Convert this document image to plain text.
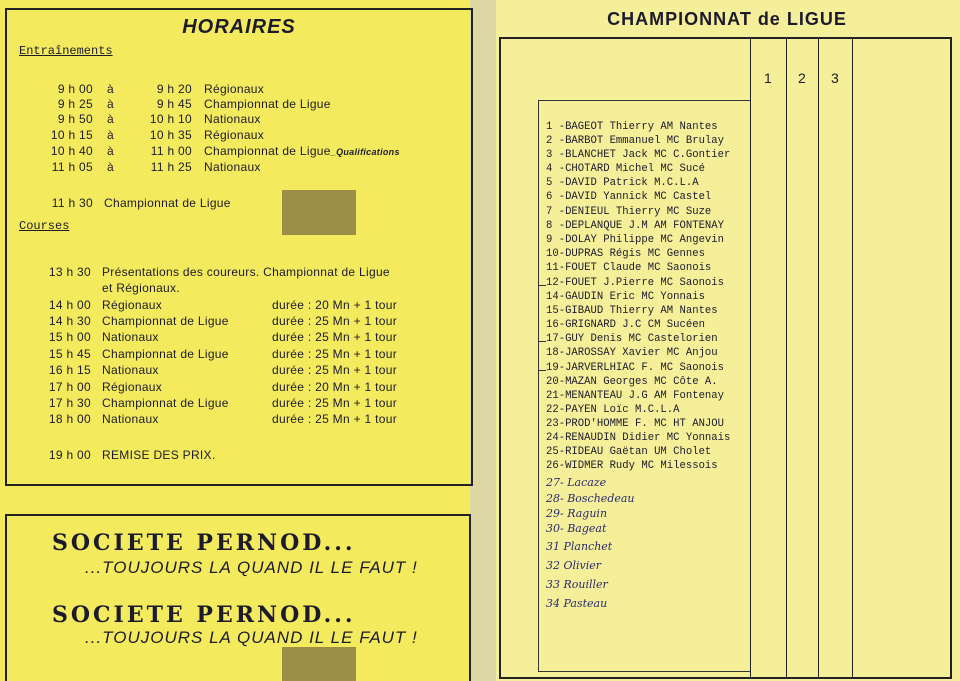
HORAIRES
Entraînements
9 h 00 à	9 h 20 Régionaux
9 h 25 à	9 h 45 Championnat de Ligue
9 h 50 à	10 h 10 Nationaux
10 h 15 à	10 h 35 Régionaux
10 h 40 à	11 h 00 Championnat de Ligue_Qualifications
11 h 05 à	11 h 25 Nationaux
11 h 30 Championnat de Ligue
Courses
13 h 30 Présentations des coureurs. Championnat de Ligue
et Régionaux.
14 h 00 Régionaux	durée : 20 Mn + 1 tour
14 h 30 Championnat de Ligue	durée : 25 Mn + 1 tour
15 h 00 Nationaux	durée : 25 Mn + 1 tour
15 h 45 Championnat de Ligue	durée : 25 Mn + 1 tour
16 h 15 Nationaux	durée : 25 Mn + 1 tour
17 h 00 Régionaux	durée : 20 Mn + 1 tour
17 h 30 Championnat de Ligue	durée : 25 Mn + 1 tour
18 h 00 Nationaux	durée : 25 Mn + 1 tour
19 h 00 REMISE DES PRIX.
SOCIETE PERNOD...
...TOUJOURS LA QUAND IL LE FAUT !
SOCIETE PERNOD...
...TOUJOURS LA QUAND IL LE FAUT !
CHAMPIONNAT de LIGUE
1 2 3
1 -BAGEOT Thierry AM Nantes
2 -BARBOT Emmanuel MC Brulay
3 -BLANCHET Jack MC C.Gontier
4 -CHOTARD Michel MC Sucé
5 -DAVID Patrick M.C.L.A
6 -DAVID Yannick MC Castel
7 -DENIEUL Thierry MC Suze
8 -DEPLANQUE J.M AM FONTENAY
9 -DOLAY Philippe MC Angevin
10-DUPRAS Régis MC Gennes
11-FOUET Claude MC Saonois
12-FOUET J.Pierre MC Saonois
14-GAUDIN Eric MC Yonnais
15-GIBAUD Thierry AM Nantes
16-GRIGNARD J.C CM Sucéen
17-GUY Denis MC Castelorien
18-JAROSSAY Xavier MC Anjou
19-JARVERLHIAC F. MC Saonois
20-MAZAN Georges MC Côte A.
21-MENANTEAU J.G AM Fontenay
22-PAYEN Loïc M.C.L.A
23-PROD'HOMME F. MC HT ANJOU
24-RENAUDIN Didier MC Yonnais
25-RIDEAU Gaëtan UM Cholet
26-WIDMER Rudy MC Milessois
27- Lacaze
28- Boschedeau
29- Raguin
30- Bageat
31 Planchet
32 Olivier
33 Rouiller
34 Pasteau
